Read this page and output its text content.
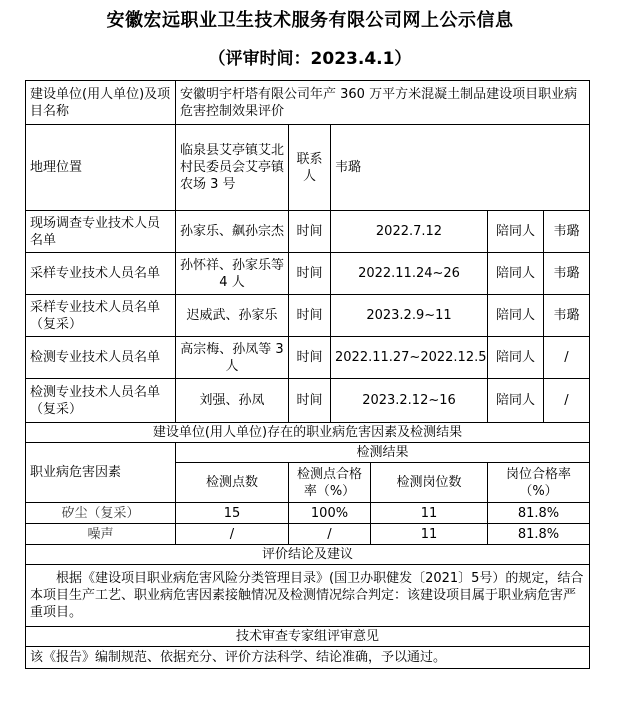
安徽宏远职业卫生技术服务有限公司网上公示信息
（评审时间：2023.4.1）
建设单位(用人单位)及项目名称	安徽明宇杆塔有限公司年产 360 万平方米混凝土制品建设项目职业病危害控制效果评价					
地理位置	临泉县艾亭镇艾北村民委员会艾亭镇农场 3 号	联系人	韦璐			
现场调查专业技术人员名单	孙家乐、飙孙宗杰	时间	2022.7.12		陪同人	韦璐
采样专业技术人员名单	孙怀祥、孙家乐等 4 人	时间	2022.11.24~26		陪同人	韦璐
采样专业技术人员名单（复采）	迟威武、孙家乐	时间	2023.2.9~11		陪同人	韦璐
检测专业技术人员名单	高宗梅、孙凤等 3 人	时间	2022.11.27~2022.12.5		陪同人	/
检测专业技术人员名单（复采）	刘强、孙凤	时间	2023.2.12~16		陪同人	/
建设单位(用人单位)存在的职业病危害因素及检测结果						
职业病危害因素	检测结果					
	检测点数	检测点合格率（%）		检测岗位数	岗位合格率（%）	
矽尘（复采）	15	100%		11	81.8%	
噪声	/	/		11	81.8%	
评价结论及建议						
根据《建设项目职业病危害风险分类管理目录》(国卫办职健发〔2021〕5号）的规定，结合本项目生产工艺、职业病危害因素接触情况及检测情况综合判定：该建设项目属于职业病危害严重项目。						
技术审查专家组评审意见						
该《报告》编制规范、依据充分、评价方法科学、结论准确，予以通过。						
